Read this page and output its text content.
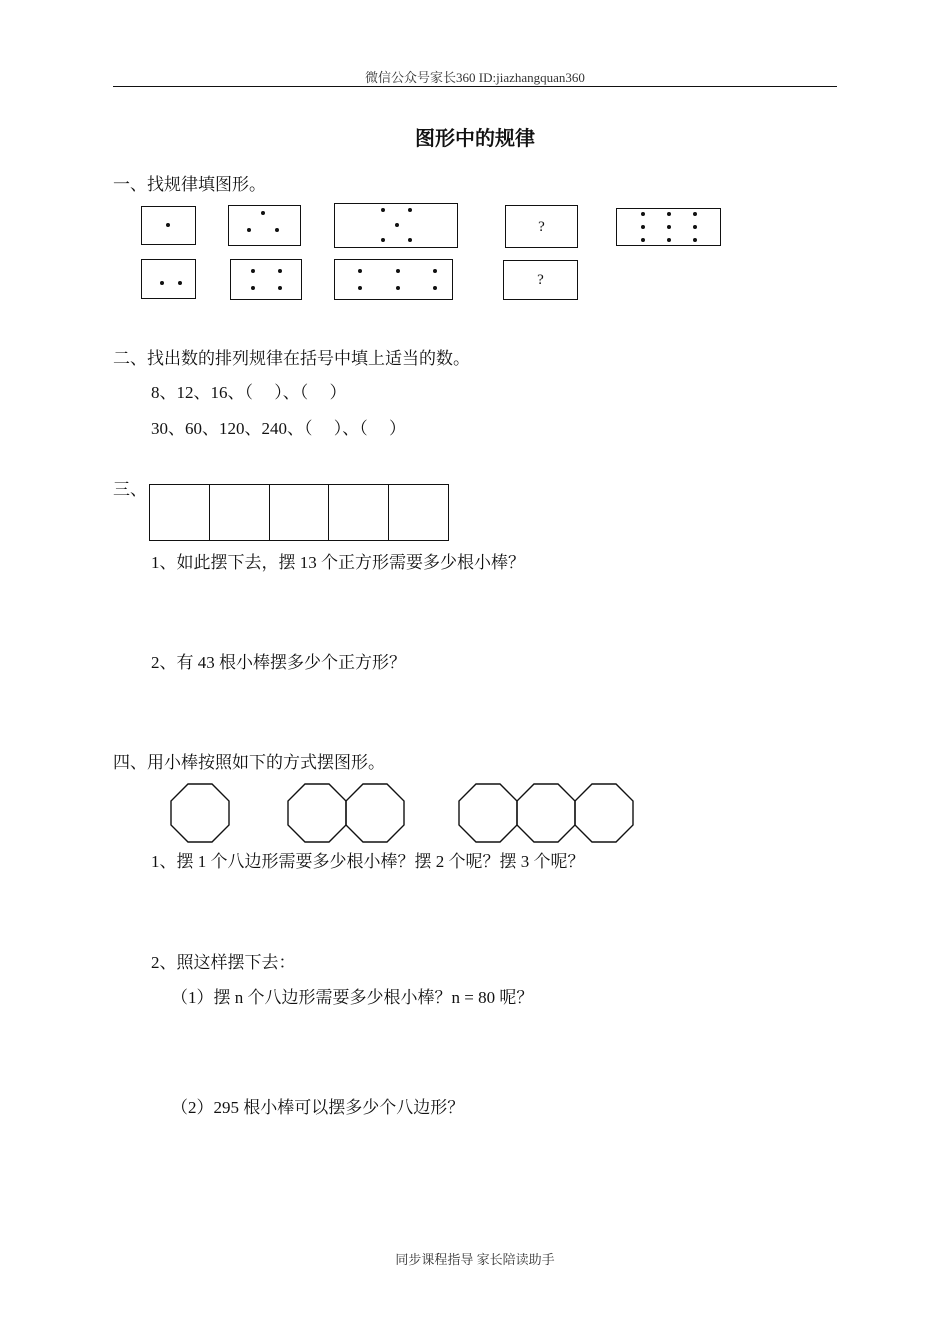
微信公众号家长360 ID:jiazhangquan360
图形中的规律
一、找规律填图形。
?
?
二、找出数的排列规律在括号中填上适当的数。
8、12、16、（　 ）、（　 ）
30、60、120、240、（　 ）、（　 ）
三、
1、如此摆下去，摆 13 个正方形需要多少根小棒？
2、有 43 根小棒摆多少个正方形？
四、用小棒按照如下的方式摆图形。
1、摆 1 个八边形需要多少根小棒？摆 2 个呢？摆 3 个呢？
2、照这样摆下去：
（1）摆 n 个八边形需要多少根小棒？n = 80 呢？
（2）295 根小棒可以摆多少个八边形？
同步课程指导 家长陪读助手
